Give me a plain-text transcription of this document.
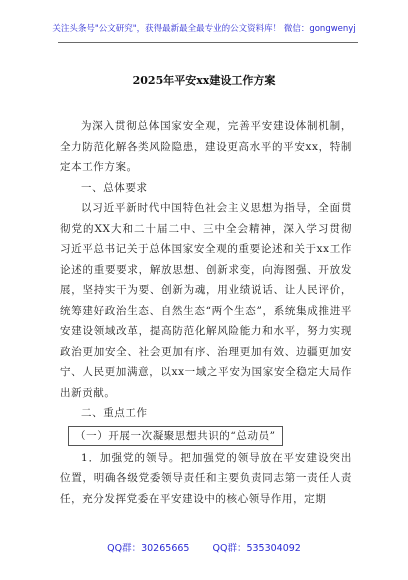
关注头条号"公文研究"，获得最新最全最专业的公文资料库！ 微信：gongwenyj
2025年平安xx建设工作方案

为深入贯彻总体国家安全观，完善平安建设体制机制，全力防范化解各类风险隐患，建设更高水平的平安xx，特制定本工作方案。

一、总体要求

以习近平新时代中国特色社会主义思想为指导，全面贯彻党的XX大和二十届二中、三中全会精神，深入学习贯彻习近平总书记关于总体国家安全观的重要论述和关于xx工作论述的重要要求，解放思想、创新求变，向海图强、开放发展，坚持实干为要、创新为魂，用业绩说话、让人民评价，统筹建好政治生态、自然生态“两个生态”，系统集成推进平安建设领域改革，提高防范化解风险能力和水平，努力实现政治更加安全、社会更加有序、治理更加有效、边疆更加安宁、人民更加满意，以xx一域之平安为国家安全稳定大局作出新贡献。

二、重点工作

（一）开展一次凝聚思想共识的“总动员”

1．加强党的领导。把加强党的领导放在平安建设突出位置，明确各级党委领导责任和主要负责同志第一责任人责任，充分发挥党委在平安建设中的核心领导作用，定期

QQ群：30265665 QQ群：535304092
